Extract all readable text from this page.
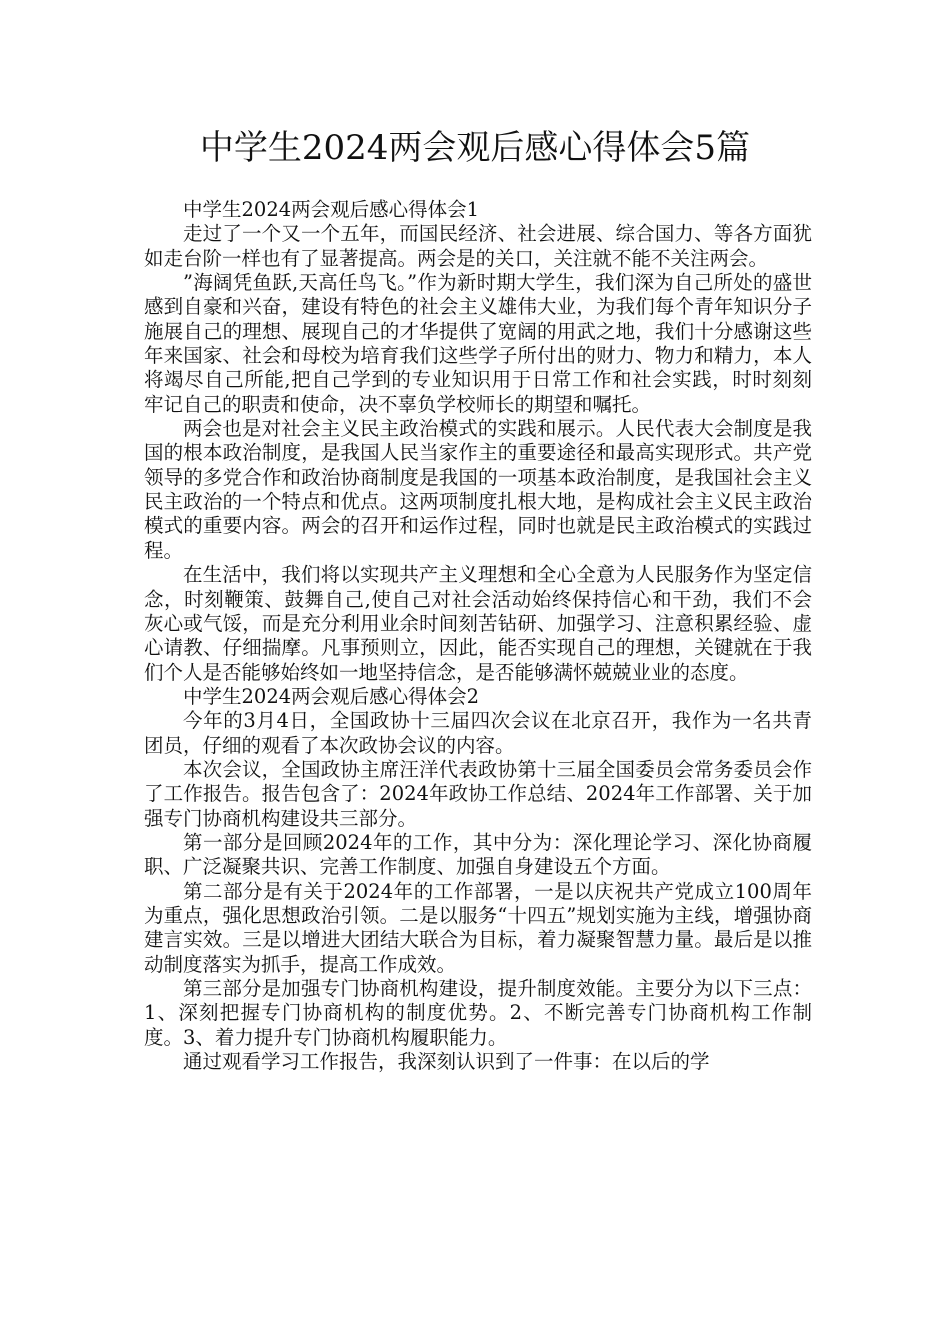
中学生2024两会观后感心得体会5篇

中学生2024两会观后感心得体会1

走过了一个又一个五年，而国民经济、社会进展、综合国力、等各方面犹如走台阶一样也有了显著提高。两会是的关口，关注就不能不关注两会。

”海阔凭鱼跃,天高任鸟飞。”作为新时期大学生，我们深为自己所处的盛世感到自豪和兴奋，建设有特色的社会主义雄伟大业，为我们每个青年知识分子施展自己的理想、展现自己的才华提供了宽阔的用武之地，我们十分感谢这些年来国家、社会和母校为培育我们这些学子所付出的财力、物力和精力，本人将竭尽自己所能,把自己学到的专业知识用于日常工作和社会实践，时时刻刻牢记自己的职责和使命，决不辜负学校师长的期望和嘱托。

两会也是对社会主义民主政治模式的实践和展示。人民代表大会制度是我国的根本政治制度，是我国人民当家作主的重要途径和最高实现形式。共产党领导的多党合作和政治协商制度是我国的一项基本政治制度，是我国社会主义民主政治的一个特点和优点。这两项制度扎根大地，是构成社会主义民主政治模式的重要内容。两会的召开和运作过程，同时也就是民主政治模式的实践过程。

在生活中，我们将以实现共产主义理想和全心全意为人民服务作为坚定信念，时刻鞭策、鼓舞自己,使自己对社会活动始终保持信心和干劲，我们不会灰心或气馁，而是充分利用业余时间刻苦钻研、加强学习、注意积累经验、虚心请教、仔细揣摩。凡事预则立，因此，能否实现自己的理想，关键就在于我们个人是否能够始终如一地坚持信念，是否能够满怀兢兢业业的态度。

中学生2024两会观后感心得体会2

今年的3月4日，全国政协十三届四次会议在北京召开，我作为一名共青团员，仔细的观看了本次政协会议的内容。

本次会议，全国政协主席汪洋代表政协第十三届全国委员会常务委员会作了工作报告。报告包含了：2024年政协工作总结、2024年工作部署、关于加强专门协商机构建设共三部分。

第一部分是回顾2024年的工作，其中分为：深化理论学习、深化协商履职、广泛凝聚共识、完善工作制度、加强自身建设五个方面。

第二部分是有关于2024年的工作部署，一是以庆祝共产党成立100周年为重点，强化思想政治引领。二是以服务“十四五”规划实施为主线，增强协商建言实效。三是以增进大团结大联合为目标，着力凝聚智慧力量。最后是以推动制度落实为抓手，提高工作成效。

第三部分是加强专门协商机构建设，提升制度效能。主要分为以下三点：1、深刻把握专门协商机构的制度优势。2、不断完善专门协商机构工作制度。3、着力提升专门协商机构履职能力。

通过观看学习工作报告，我深刻认识到了一件事：在以后的学
